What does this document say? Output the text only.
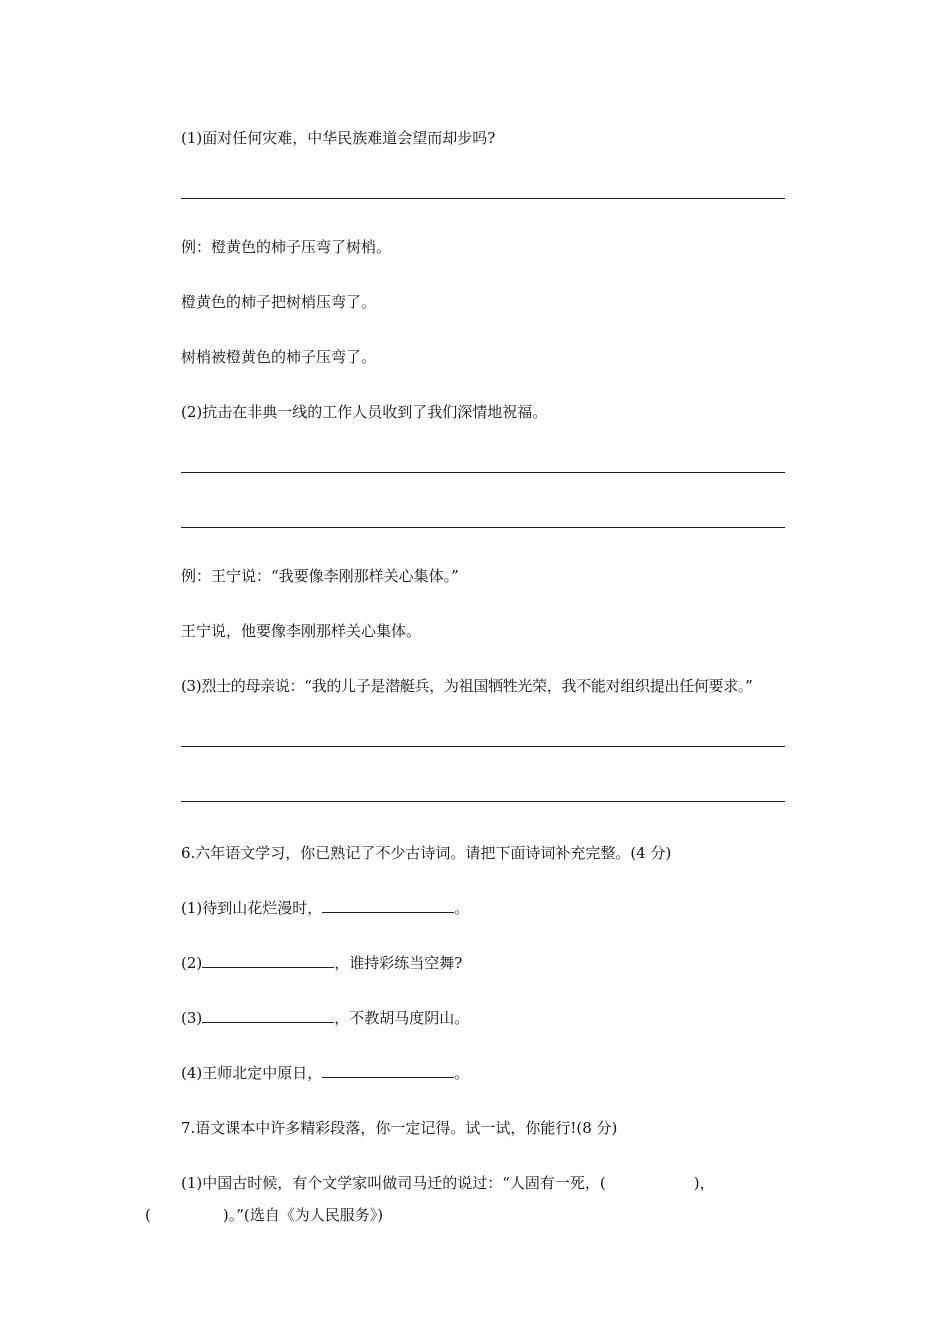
(1)面对任何灾难，中华民族难道会望而却步吗?
例：橙黄色的柿子压弯了树梢。
橙黄色的柿子把树梢压弯了。
树梢被橙黄色的柿子压弯了。
(2)抗击在非典一线的工作人员收到了我们深情地祝福。
例：王宁说：“我要像李刚那样关心集体。”
王宁说，他要像李刚那样关心集体。
(3)烈士的母亲说：“我的儿子是潜艇兵，为祖国牺牲光荣，我不能对组织提出任何要求。”
6.六年语文学习，你已熟记了不少古诗词。请把下面诗词补充完整。(4 分)
(1)待到山花烂漫时，	。
(2)	，谁持彩练当空舞?
(3)	，不教胡马度阴山。
(4)王师北定中原日，	。
7.语文课本中许多精彩段落，你一定记得。试一试，你能行!(8 分)
(1)中国古时候，有个文学家叫做司马迁的说过：“人固有一死，(	)，
(	)。”(选自《为人民服务》)
